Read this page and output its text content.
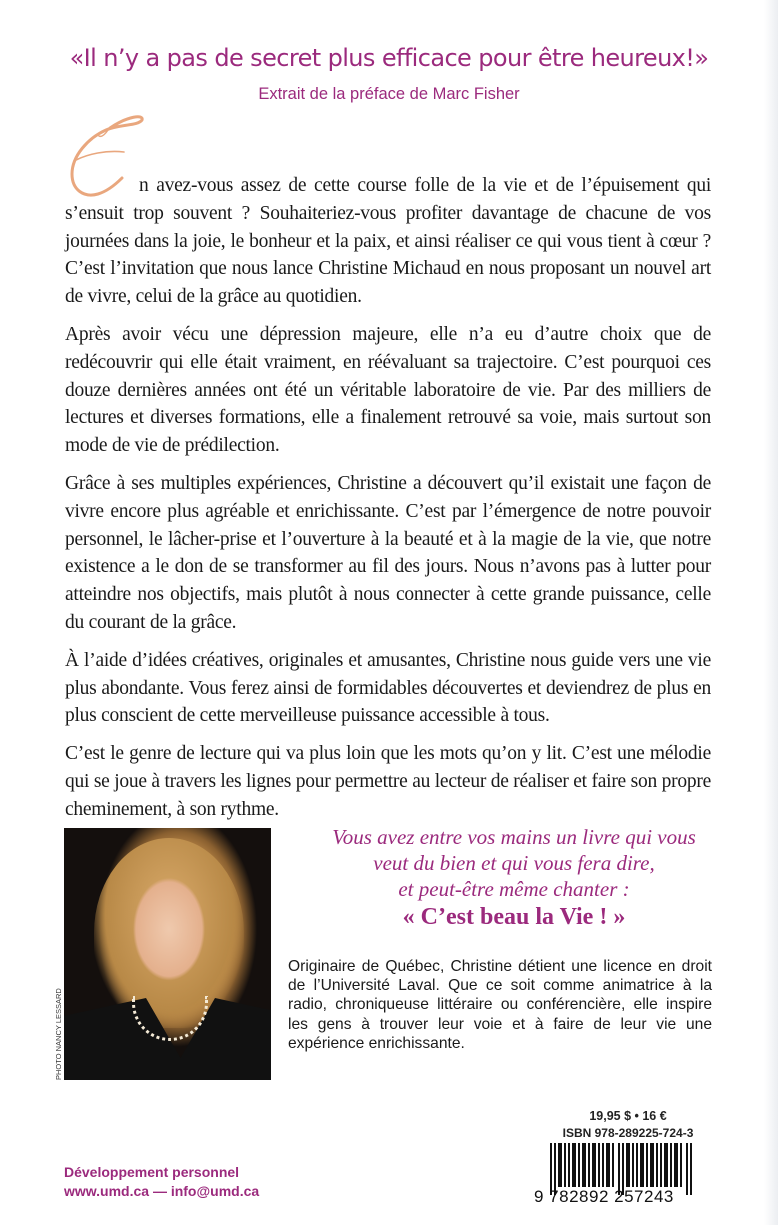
«Il n’y a pas de secret plus efficace pour être heureux!»
Extrait de la préface de Marc Fisher

n avez-vous assez de cette course folle de la vie et de l’épuisement qui s’ensuit trop souvent ? Souhaiteriez-vous profiter davantage de chacune de vos journées dans la joie, le bonheur et la paix, et ainsi réaliser ce qui vous tient à cœur ? C’est l’invitation que nous lance Christine Michaud en nous proposant un nouvel art de vivre, celui de la grâce au quotidien.

Après avoir vécu une dépression majeure, elle n’a eu d’autre choix que de redécouvrir qui elle était vraiment, en réévaluant sa trajectoire. C’est pourquoi ces douze dernières années ont été un véritable laboratoire de vie. Par des milliers de lectures et diverses formations, elle a finalement retrouvé sa voie, mais surtout son mode de vie de prédilection.

Grâce à ses multiples expériences, Christine a découvert qu’il existait une façon de vivre encore plus agréable et enrichissante. C’est par l’émergence de notre pouvoir personnel, le lâcher-prise et l’ouverture à la beauté et à la magie de la vie, que notre existence a le don de se transformer au fil des jours. Nous n’avons pas à lutter pour atteindre nos objectifs, mais plutôt à nous connecter à cette grande puissance, celle du courant de la grâce.

À l’aide d’idées créatives, originales et amusantes, Christine nous guide vers une vie plus abondante. Vous ferez ainsi de formidables découvertes et deviendrez de plus en plus conscient de cette merveilleuse puissance accessible à tous.

C’est le genre de lecture qui va plus loin que les mots qu’on y lit. C’est une mélodie qui se joue à travers les lignes pour permettre au lecteur de réaliser et faire son propre cheminement, à son rythme.

PHOTO NANCY LESSARD
Vous avez entre vos mains un livre qui vous
veut du bien et qui vous fera dire,
et peut-être même chanter :
« C’est beau la Vie ! »
Originaire de Québec, Christine détient une licence en droit de l’Université Laval. Que ce soit comme animatrice à la radio, chroniqueuse littéraire ou conférencière, elle inspire les gens à trouver leur voie et à faire de leur vie une expérience enrichissante.
19,95 $ • 16 €
ISBN 978-289225-724-3
9 782892 257243
Développement personnel
www.umd.ca — info@umd.ca
